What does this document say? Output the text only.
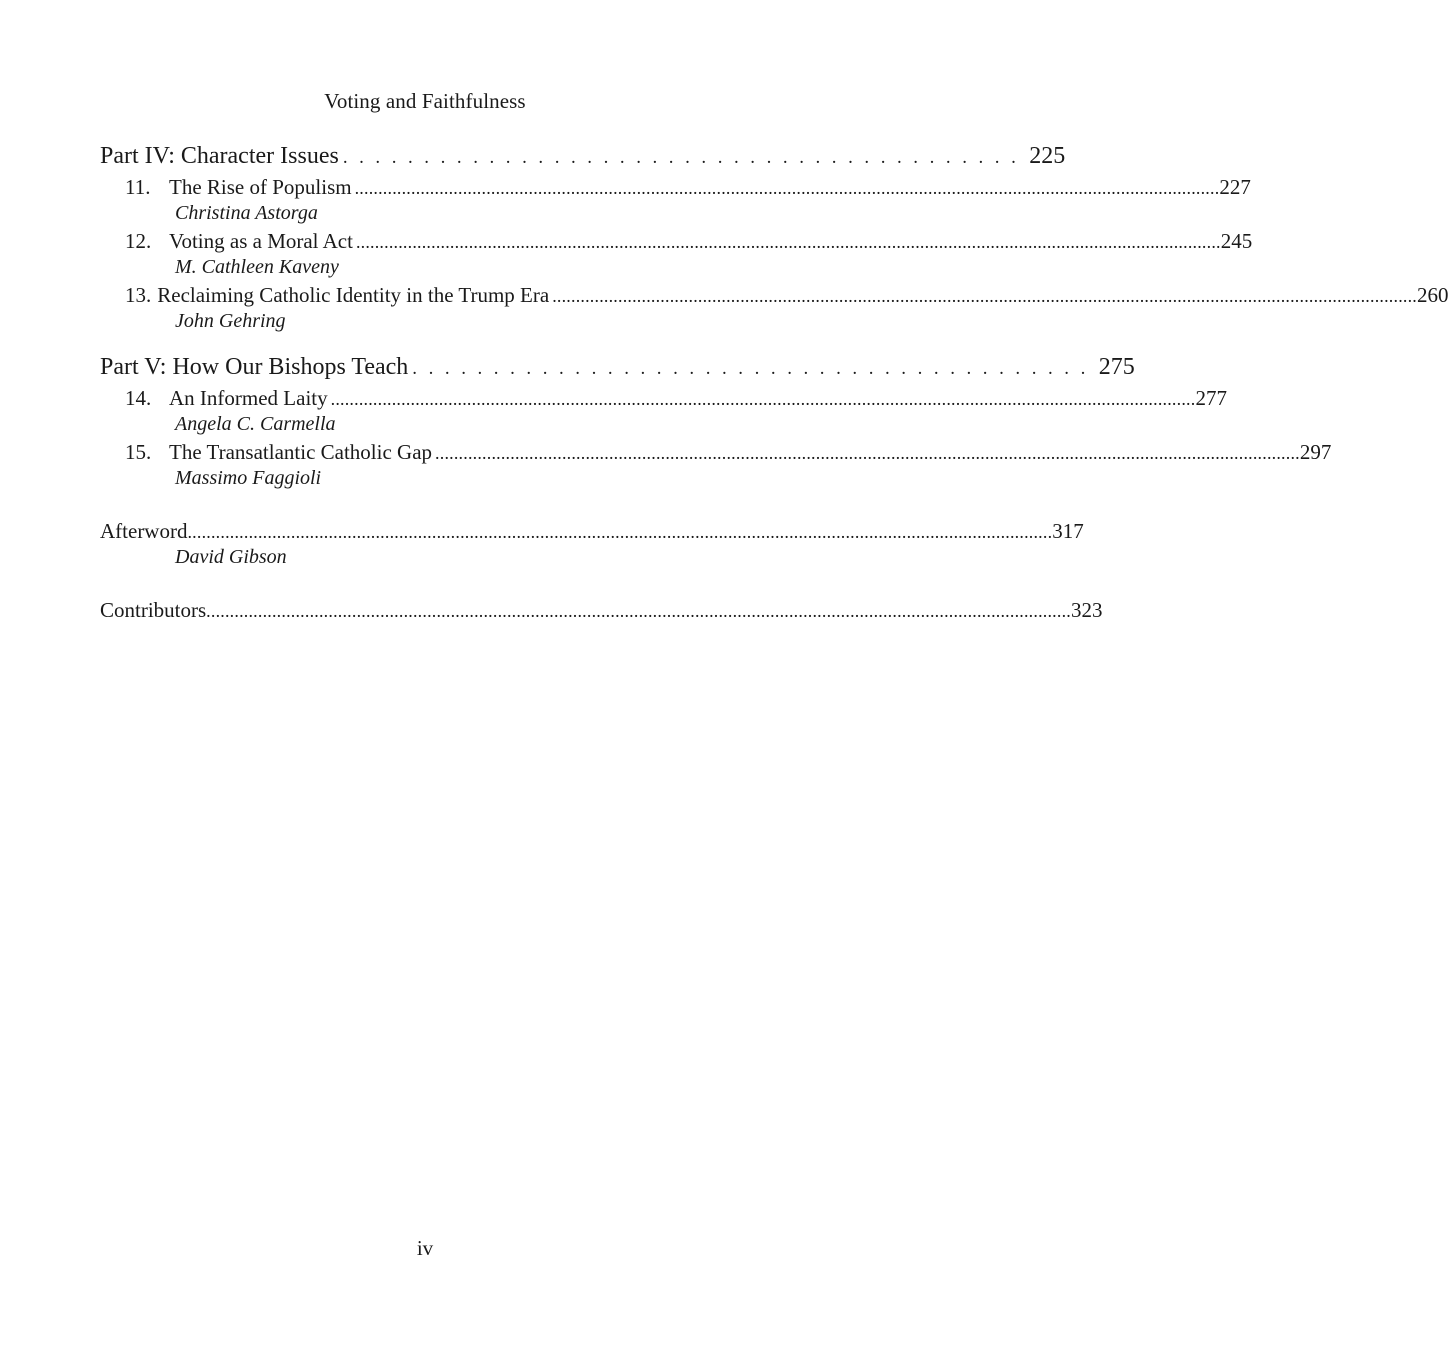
Voting and Faithfulness
Part IV: Character Issues . . . . . . . . . . . . . . . . . . . . . . . . . . . . . . . . . . . . . . . . . . 225
11. The Rise of Populism ........................................................................................................................................................................................ 227
Christina Astorga
12. Voting as a Moral Act ........................................................................................................................................................................................ 245
M. Cathleen Kaveny
13. Reclaiming Catholic Identity in the Trump Era ........................................................................................................................................................................................ 260
John Gehring
Part V: How Our Bishops Teach . . . . . . . . . . . . . . . . . . . . . . . . . . . . . . . . . . . . . . . . . . 275
14. An Informed Laity ........................................................................................................................................................................................ 277
Angela C. Carmella
15. The Transatlantic Catholic Gap ........................................................................................................................................................................................ 297
Massimo Faggioli
Afterword ........................................................................................................................................................................................ 317
David Gibson
Contributors ........................................................................................................................................................................................ 323
iv
